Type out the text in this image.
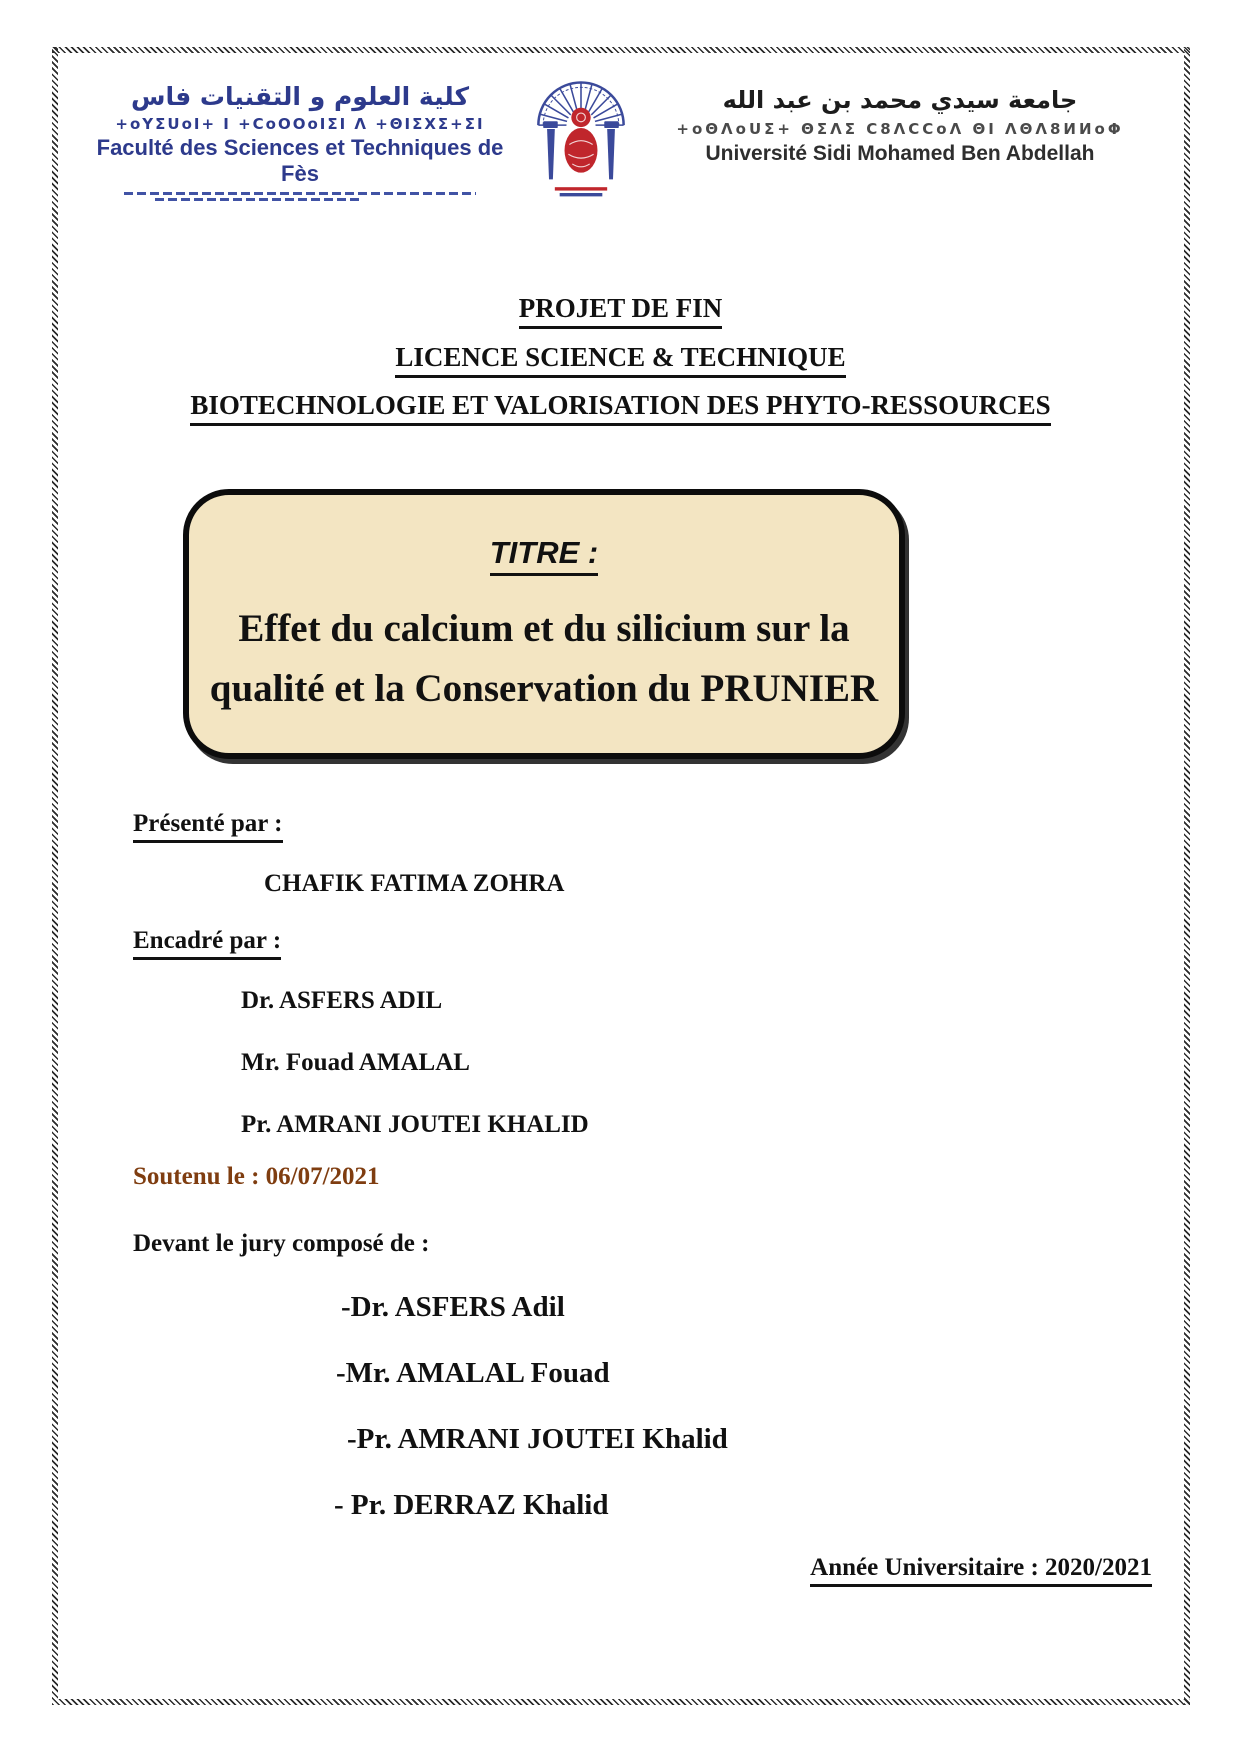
كلية العلوم و التقنيات فاس
+oYΣUoI+ I +ϹoΟΟoIΣI Λ +ΘIΣΧΣ+ΣI
Faculté des Sciences et Techniques de Fès
جامعة سيدي محمد بن عبد الله
+oΘΛoUΣ+ ΘΣΛΣ Ϲ8ΛϹϹoΛ ΘΙ ΛΘΛ8ИИoΦ
Université Sidi Mohamed Ben Abdellah
PROJET DE FIN
LICENCE SCIENCE & TECHNIQUE
BIOTECHNOLOGIE ET VALORISATION DES PHYTO-RESSOURCES
TITRE :
Effet du calcium et du silicium sur la
qualité et la Conservation du PRUNIER
Présenté par :
CHAFIK FATIMA ZOHRA
Encadré par :
Dr. ASFERS ADIL
Mr. Fouad AMALAL
Pr. AMRANI JOUTEI KHALID
Soutenu le : 06/07/2021
Devant le jury composé de :
-Dr. ASFERS Adil
-Mr. AMALAL Fouad
-Pr. AMRANI JOUTEI Khalid
- Pr. DERRAZ Khalid
Année Universitaire : 2020/2021
